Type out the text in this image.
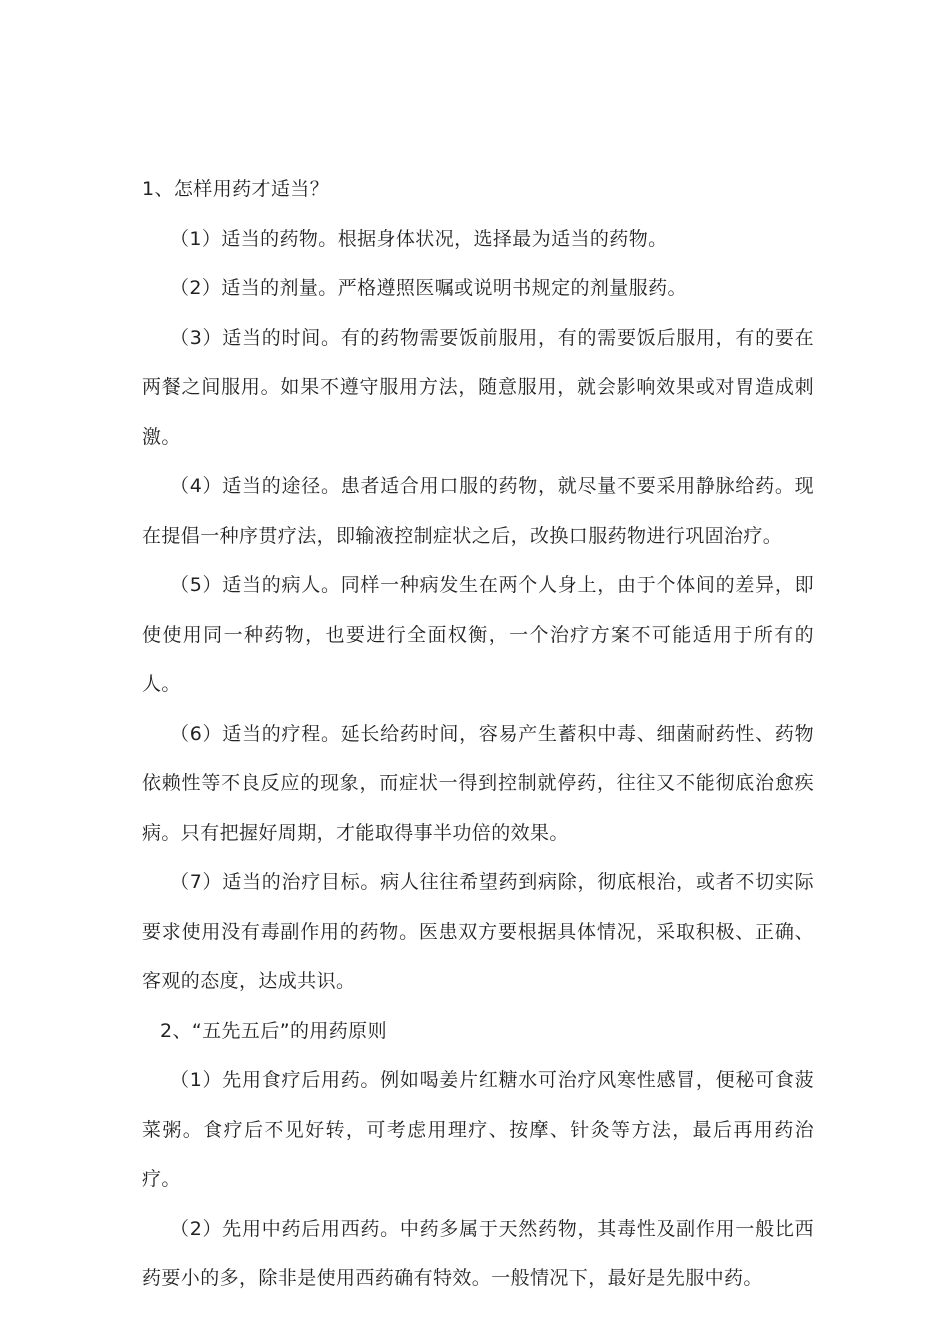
1、怎样用药才适当？

（1）适当的药物。根据身体状况，选择最为适当的药物。

（2）适当的剂量。严格遵照医嘱或说明书规定的剂量服药。

（3）适当的时间。有的药物需要饭前服用，有的需要饭后服用，有的要在两餐之间服用。如果不遵守服用方法，随意服用，就会影响效果或对胃造成刺激。

（4）适当的途径。患者适合用口服的药物，就尽量不要采用静脉给药。现在提倡一种序贯疗法，即输液控制症状之后，改换口服药物进行巩固治疗。

（5）适当的病人。同样一种病发生在两个人身上，由于个体间的差异，即使使用同一种药物，也要进行全面权衡，一个治疗方案不可能适用于所有的人。

（6）适当的疗程。延长给药时间，容易产生蓄积中毒、细菌耐药性、药物依赖性等不良反应的现象，而症状一得到控制就停药，往往又不能彻底治愈疾病。只有把握好周期，才能取得事半功倍的效果。

（7）适当的治疗目标。病人往往希望药到病除，彻底根治，或者不切实际要求使用没有毒副作用的药物。医患双方要根据具体情况，采取积极、正确、客观的态度，达成共识。

2、“五先五后”的用药原则

（1）先用食疗后用药。例如喝姜片红糖水可治疗风寒性感冒，便秘可食菠菜粥。食疗后不见好转，可考虑用理疗、按摩、针灸等方法，最后再用药治疗。

（2）先用中药后用西药。中药多属于天然药物，其毒性及副作用一般比西药要小的多，除非是使用西药确有特效。一般情况下，最好是先服中药。
